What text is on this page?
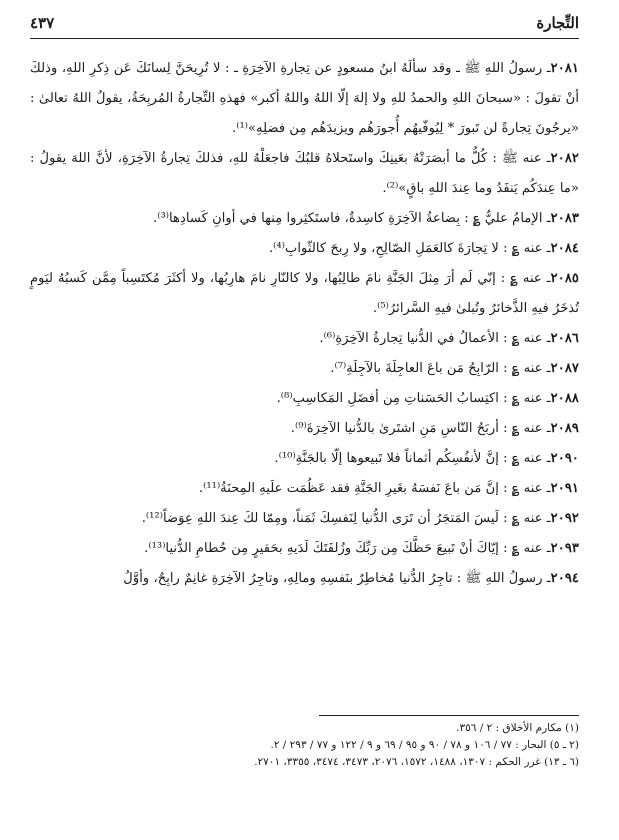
التِّجارة
٤٣٧

٢٠٨١ـ رسولُ اللهِ ﷺ ـ وقد سألَهُ ابنُ مسعودٍ عن تِجارةِ الآخِرَةِ ـ : لا تُرِيحَنَّ لِسانَكَ عَن ذِكرِ اللهِ، وذلكَ أنْ تقولَ : «سبحانَ اللهِ والحمدُ للهِ ولا إلهَ إلّا اللهُ واللهُ أكبر» فهذهِ التِّجارةُ المُربِحَةُ، يقولُ اللهُ تعالىٰ : «يرجُونَ تِجارةً لن تَبورَ * لِيُوفّيهُم أُجورَهُم ويزيدَهُم مِن فضلِهِ»⁽¹⁾.

٢٠٨٢ـ عنه ﷺ : كُلُّ ما أبصَرَتْهُ بعَينِكَ واستَحلاهُ قلبُكَ فاجعَلْهُ للهِ، فذلكَ تِجارةُ الآخِرَةِ، لأنَّ اللهَ يقولُ : «ما عِندَكُم يَنفَدُ وما عِندَ اللهِ باقٍ»⁽²⁾.

٢٠٨٣ـ الإمامُ عليٌّ ؏ : بِضاعةُ الآخِرَةِ كاسِدةٌ، فاستَكثِروا مِنها في أوانِ كَسادِها⁽³⁾.

٢٠٨٤ـ عنه ؏ : لا تِجارَةَ كالعَمَلِ الصّالِحِ، ولا رِبحَ كالثّوابِ⁽⁴⁾.

٢٠٨٥ـ عنه ؏ : إنّي لَم أرَ مِثلَ الجَنَّةِ نامَ طالِبُها، ولا كالنّارِ نامَ هارِبُها، ولا أكثَرَ مُكتَسِباً مِمَّن كَسبُهُ ليَومٍ تُذخَرُ فيهِ الذَّخائرُ وتُبلىٰ فيهِ السَّرائرُ⁽⁵⁾.

٢٠٨٦ـ عنه ؏ : الأعمالُ في الدُّنيا تِجارةُ الآخِرَةِ⁽⁶⁾.

٢٠٨٧ـ عنه ؏ : الرّابِحُ مَن باعَ العاجِلَةَ بالآجِلَةِ⁽⁷⁾.

٢٠٨٨ـ عنه ؏ : اكتِسابُ الحَسَناتِ مِن أفضَلِ المَكاسِبِ⁽⁸⁾.

٢٠٨٩ـ عنه ؏ : أربَحُ النّاسِ مَنِ اشتَرىٰ بالدُّنيا الآخِرَةَ⁽⁹⁾.

٢٠٩٠ـ عنه ؏ : إنَّ لأنفُسِكُم أثماناً فلا تَبيعوها إلّا بالجَنَّةِ⁽¹⁰⁾.

٢٠٩١ـ عنه ؏ : إنَّ مَن باعَ نَفسَهُ بغَيرِ الجَنَّةِ فقد عَظُمَت علَيهِ المِحنَةُ⁽¹¹⁾.

٢٠٩٢ـ عنه ؏ : لَيسَ المَتجَرُ أن تَرَى الدُّنيا لِنَفسِكَ ثَمَناً، ومِمّا لكَ عِندَ اللهِ عِوَضاً⁽¹²⁾.

٢٠٩٣ـ عنه ؏ : إيّاكَ أنْ تَبيعَ حَظَّكَ مِن رَبِّكَ وزُلفَتَكَ لَدَيهِ بحَقيرٍ مِن حُطامِ الدُّنيا⁽¹³⁾.

٢٠٩٤ـ رسولُ اللهِ ﷺ : تاجِرُ الدُّنيا مُخاطِرٌ بنَفسِهِ ومالِهِ، وتاجِرُ الآخِرَةِ غانِمٌ رابِحٌ، وأوَّلُ

(١) مكارم الأخلاق : ٢ / ٣٥٦.

(٢ ـ ٥) البحار : ٧٧ / ١٠٦ و ٧٨ / ٩٠ و ٩٥ / ٦٩ و ٩ / ١٢٢ و ٧٧ / ٢٩٣ / ٢.

(٦ ـ ١٣) غرر الحكم : ١٣٠٧، ١٤٨٨، ١٥٧٢، ٢٠٧٦، ٣٤٧٣، ٣٤٧٤، ٣٣٥٥، ٢٧٠١.
